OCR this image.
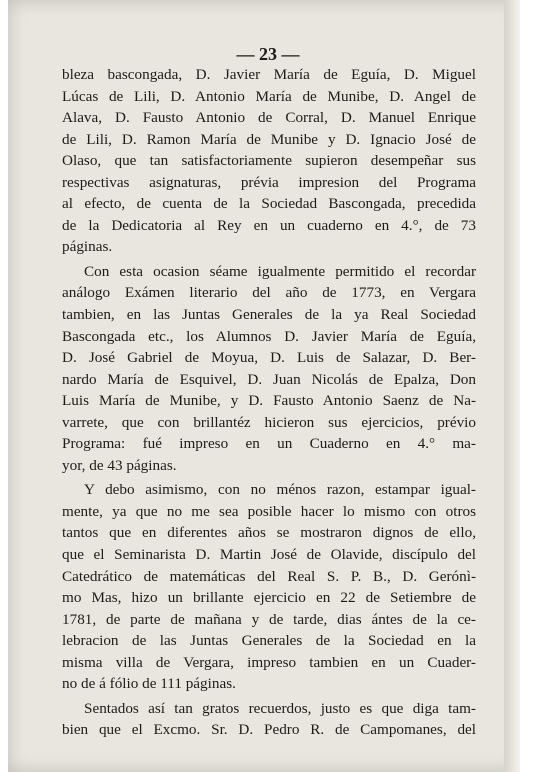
— 23 —
bleza bascongada, D. Javier María de Eguía, D. Miguel
Lúcas de Lili, D. Antonio María de Munibe, D. Angel de
Alava, D. Fausto Antonio de Corral, D. Manuel Enrique
de Lili, D. Ramon María de Munibe y D. Ignacio José de
Olaso, que tan satisfactoriamente supieron desempeñar sus
respectivas asignaturas, prévia impresion del Programa
al efecto, de cuenta de la Sociedad Bascongada, precedida
de la Dedicatoria al Rey en un cuaderno en 4.°, de 73
páginas.
Con esta ocasion séame igualmente permitido el recordar
análogo Exámen literario del año de 1773, en Vergara
tambien, en las Juntas Generales de la ya Real Sociedad
Bascongada etc., los Alumnos D. Javier María de Eguía,
D. José Gabriel de Moyua, D. Luis de Salazar, D. Ber-
nardo María de Esquivel, D. Juan Nicolás de Epalza, Don
Luis María de Munibe, y D. Fausto Antonio Saenz de Na-
varrete, que con brillantéz hicieron sus ejercicios, prévio
Programa: fué impreso en un Cuaderno en 4.° ma-
yor, de 43 páginas.
Y debo asimismo, con no ménos razon, estampar igual-
mente, ya que no me sea posible hacer lo mismo con otros
tantos que en diferentes años se mostraron dignos de ello,
que el Seminarista D. Martin José de Olavide, discípulo del
Catedrático de matemáticas del Real S. P. B., D. Gerónì-
mo Mas, hizo un brillante ejercicio en 22 de Setiembre de
1781, de parte de mañana y de tarde, dias ántes de la ce-
lebracion de las Juntas Generales de la Sociedad en la
misma villa de Vergara, impreso tambien en un Cuader-
no de á fólio de 111 páginas.
Sentados así tan gratos recuerdos, justo es que diga tam-
bien que el Excmo. Sr. D. Pedro R. de Campomanes, del
